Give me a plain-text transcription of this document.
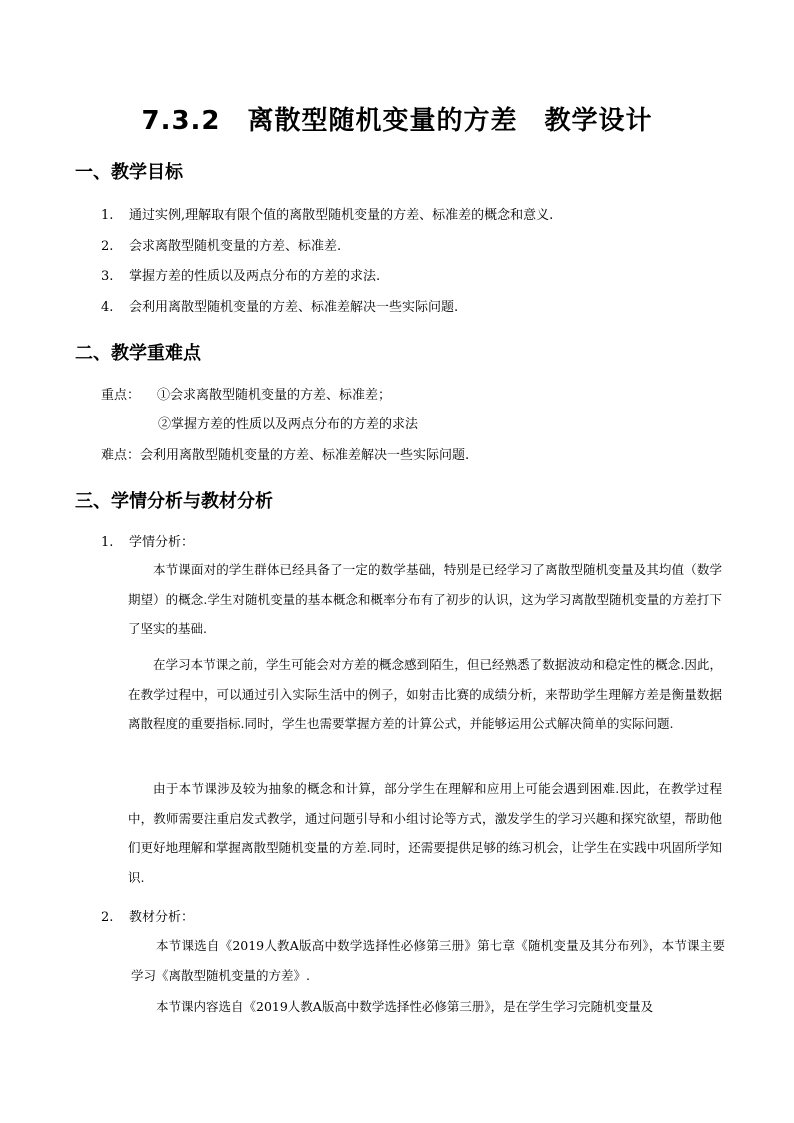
7.3.2　离散型随机变量的方差　教学设计
一、教学目标
1. 通过实例,理解取有限个值的离散型随机变量的方差、标准差的概念和意义.
2. 会求离散型随机变量的方差、标准差.
3. 掌握方差的性质以及两点分布的方差的求法.
4. 会利用离散型随机变量的方差、标准差解决一些实际问题.
二、教学重难点
重点： ①会求离散型随机变量的方差、标准差；
②掌握方差的性质以及两点分布的方差的求法
难点：会利用离散型随机变量的方差、标准差解决一些实际问题.
三、学情分析与教材分析
1. 学情分析：

本节课面对的学生群体已经具备了一定的数学基础，特别是已经学习了离散型随机变量及其均值（数学期望）的概念.学生对随机变量的基本概念和概率分布有了初步的认识，这为学习离散型随机变量的方差打下了坚实的基础.

在学习本节课之前，学生可能会对方差的概念感到陌生，但已经熟悉了数据波动和稳定性的概念.因此，在教学过程中，可以通过引入实际生活中的例子，如射击比赛的成绩分析，来帮助学生理解方差是衡量数据离散程度的重要指标.同时，学生也需要掌握方差的计算公式，并能够运用公式解决简单的实际问题.

由于本节课涉及较为抽象的概念和计算，部分学生在理解和应用上可能会遇到困难.因此，在教学过程中，教师需要注重启发式教学，通过问题引导和小组讨论等方式，激发学生的学习兴趣和探究欲望，帮助他们更好地理解和掌握离散型随机变量的方差.同时，还需要提供足够的练习机会，让学生在实践中巩固所学知识.

2. 教材分析：

本节课选自《2019人教A版高中数学选择性必修第三册》第七章《随机变量及其分布列》，本节课主要学习《离散型随机变量的方差》.

本节课内容选自《2019人教A版高中数学选择性必修第三册》，是在学生学习完随机变量及
